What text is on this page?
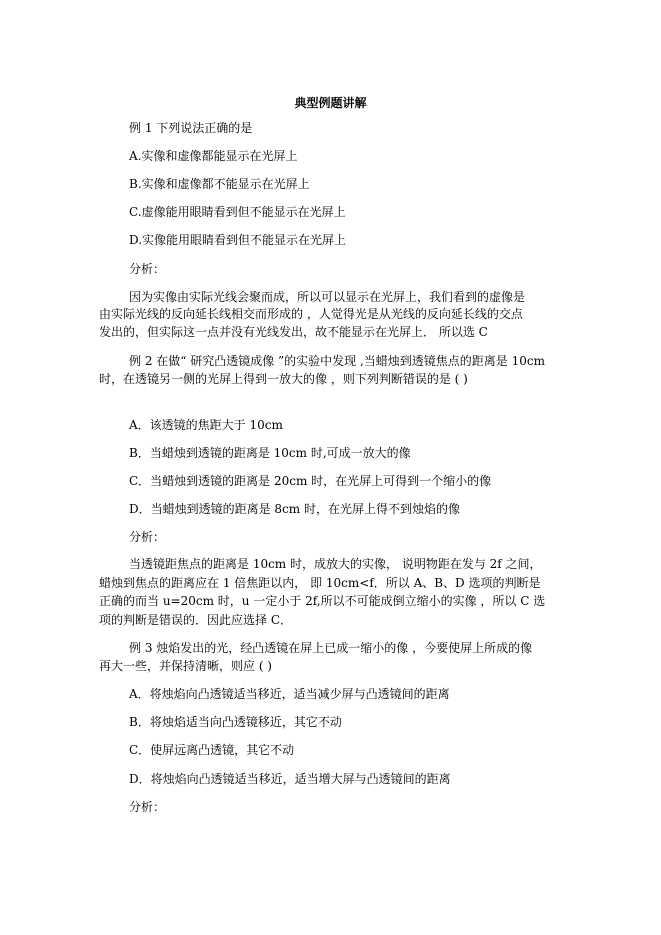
典型例题讲解
例 1 下列说法正确的是
A.实像和虚像都能显示在光屏上
B.实像和虚像都不能显示在光屏上
C.虚像能用眼睛看到但不能显示在光屏上
D.实像能用眼睛看到但不能显示在光屏上
分析：
因为实像由实际光线会聚而成，所以可以显示在光屏上，我们看到的虚像是
由实际光线的反向延长线相交而形成的 ，人觉得光是从光线的反向延长线的交点
发出的，但实际这一点并没有光线发出，故不能显示在光屏上． 所以选 C
例 2 在做“ 研究凸透镜成像 ”的实验中发现 ,当蜡烛到透镜焦点的距离是 10cm
时，在透镜另一侧的光屏上得到一放大的像 ，则下列判断错误的是 ( )
A．该透镜的焦距大于 10cm
B．当蜡烛到透镜的距离是 10cm 时,可成一放大的像
C．当蜡烛到透镜的距离是 20cm 时，在光屏上可得到一个缩小的像
D．当蜡烛到透镜的距离是 8cm 时，在光屏上得不到烛焰的像
分析：
当透镜距焦点的距离是 10cm 时，成放大的实像， 说明物距在发与 2f 之间，
蜡烛到焦点的距离应在 1 倍焦距以内， 即 10cm<f．所以 A、B、D 选项的判断是
正确的而当 u=20cm 时，u 一定小于 2f,所以不可能成倒立缩小的实像 ，所以 C 选
项的判断是错误的．因此应选择 C．
例 3 烛焰发出的光，经凸透镜在屏上已成一缩小的像 ，今要使屏上所成的像
再大一些，并保持清晰，则应 ( )
A．将烛焰向凸透镜适当移近，适当减少屏与凸透镜间的距离
B．将烛焰适当向凸透镜移近，其它不动
C．使屏远离凸透镜，其它不动
D．将烛焰向凸透镜适当移近，适当增大屏与凸透镜间的距离
分析：
